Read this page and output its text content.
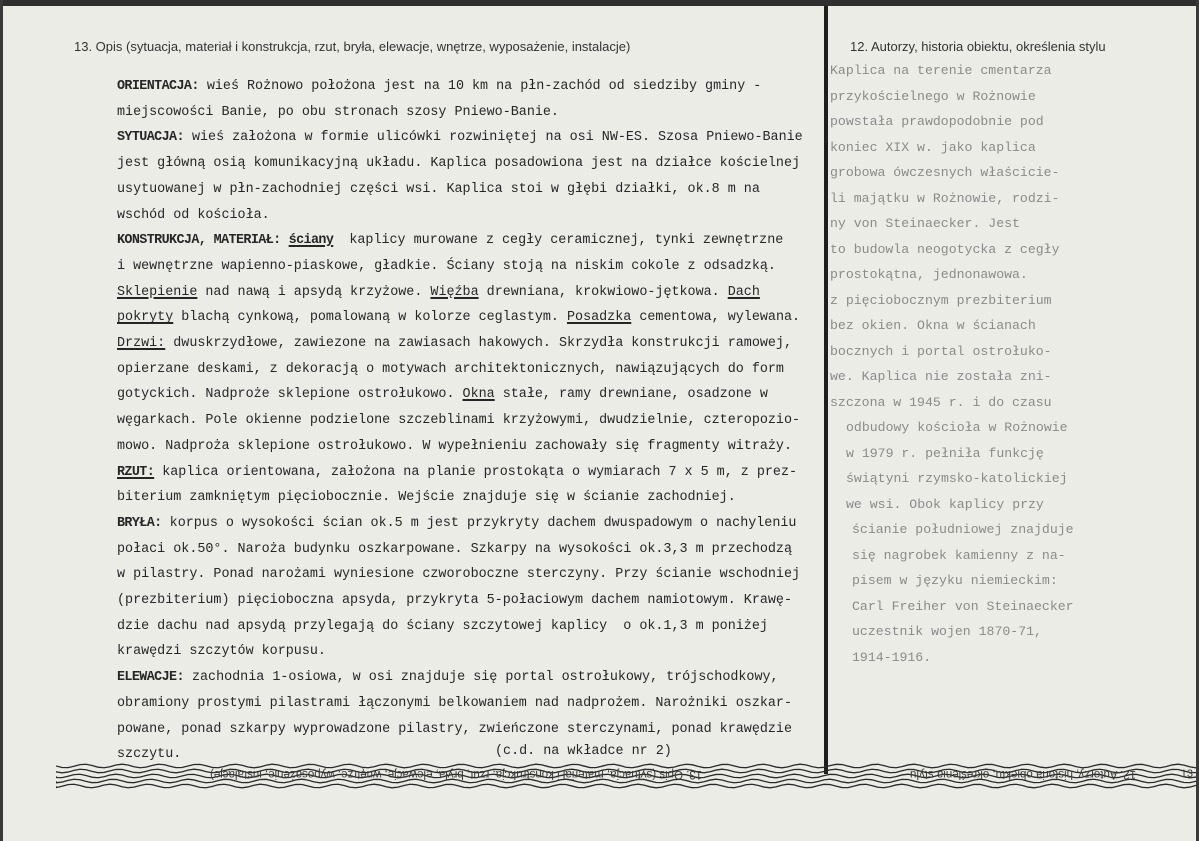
13. Opis (sytuacja, materiał i konstrukcja, rzut, bryła, elewacje, wnętrze, wyposażenie, instalacje)	12. Autorzy, historia obiektu, określenia stylu

ORIENTACJA: wieś Rożnowo położona jest na 10 km na płn-zachód od siedziby gminy -

miejscowości Banie, po obu stronach szosy Pniewo-Banie.

SYTUACJA: wieś założona w formie ulicówki rozwiniętej na osi NW-ES. Szosa Pniewo-Banie

jest główną osią komunikacyjną układu. Kaplica posadowiona jest na działce kościelnej

usytuowanej w płn-zachodniej części wsi. Kaplica stoi w głębi działki, ok.8 m na

wschód od kościoła.

KONSTRUKCJA, MATERIAŁ: ściany  kaplicy murowane z cegły ceramicznej, tynki zewnętrzne

i wewnętrzne wapienno-piaskowe, gładkie. Ściany stoją na niskim cokole z odsadzką.

Sklepienie nad nawą i apsydą krzyżowe. Więźba drewniana, krokwiowo-jętkowa. Dach

pokryty blachą cynkową, pomalowaną w kolorze ceglastym. Posadzka cementowa, wylewana.

Drzwi: dwuskrzydłowe, zawiezone na zawiasach hakowych. Skrzydła konstrukcji ramowej,

opierzane deskami, z dekoracją o motywach architektonicznych, nawiązujących do form

gotyckich. Nadproże sklepione ostrołukowo. Okna stałe, ramy drewniane, osadzone w

węgarkach. Pole okienne podzielone szczeblinami krzyżowymi, dwudzielnie, czteropozio-

mowo. Nadproża sklepione ostrołukowo. W wypełnieniu zachowały się fragmenty witraży.

RZUT: kaplica orientowana, założona na planie prostokąta o wymiarach 7 x 5 m, z prez-

biterium zamkniętym pięciobocznie. Wejście znajduje się w ścianie zachodniej.

BRYŁA: korpus o wysokości ścian ok.5 m jest przykryty dachem dwuspadowym o nachyleniu

połaci ok.50°. Naroża budynku oszkarpowane. Szkarpy na wysokości ok.3,3 m przechodzą

w pilastry. Ponad narożami wyniesione czworoboczne sterczyny. Przy ścianie wschodniej

(prezbiterium) pięcioboczna apsyda, przykryta 5-połaciowym dachem namiotowym. Krawę-

dzie dachu nad apsydą przylegają do ściany szczytowej kaplicy  o ok.1,3 m poniżej

krawędzi szczytów korpusu.

ELEWACJE: zachodnia 1-osiowa, w osi znajduje się portal ostrołukowy, trójschodkowy,

obramiony prostymi pilastrami łączonymi belkowaniem nad nadprożem. Narożniki oszkar-

powane, ponad szkarpy wyprowadzone pilastry, zwieńczone sterczynami, ponad krawędzie

szczytu.	(c.d. na wkładce nr 2)
Kaplica na terenie cmentarza
przykościelnego w Rożnowie
powstała prawdopodobnie pod
koniec XIX w. jako kaplica
grobowa ówczesnych właścicie-
li majątku w Rożnowie, rodzi-
ny von Steinaecker. Jest
to budowla neogotycka z cegły
prostokątna, jednonawowa.
z pięciobocznym prezbiterium
bez okien. Okna w ścianach
bocznych i portal ostrołuko-
we. Kaplica nie została zni-
szczona w 1945 r. i do czasu
odbudowy kościoła w Rożnowie
w 1979 r. pełniła funkcję
świątyni rzymsko-katolickiej
we wsi. Obok kaplicy przy
ścianie południowej znajduje
się nagrobek kamienny z na-
pisem w języku niemieckim:
Carl Freiher von Steinaecker
uczestnik wojen 1870-71,
1914-1916.
13. Opis (sytuacja, materiał i konstrukcja, rzut, bryła, elewacje, wnętrze, wyposażenie, instalacje)	12. Autorzy, historia obiektu, określenia stylu	13
